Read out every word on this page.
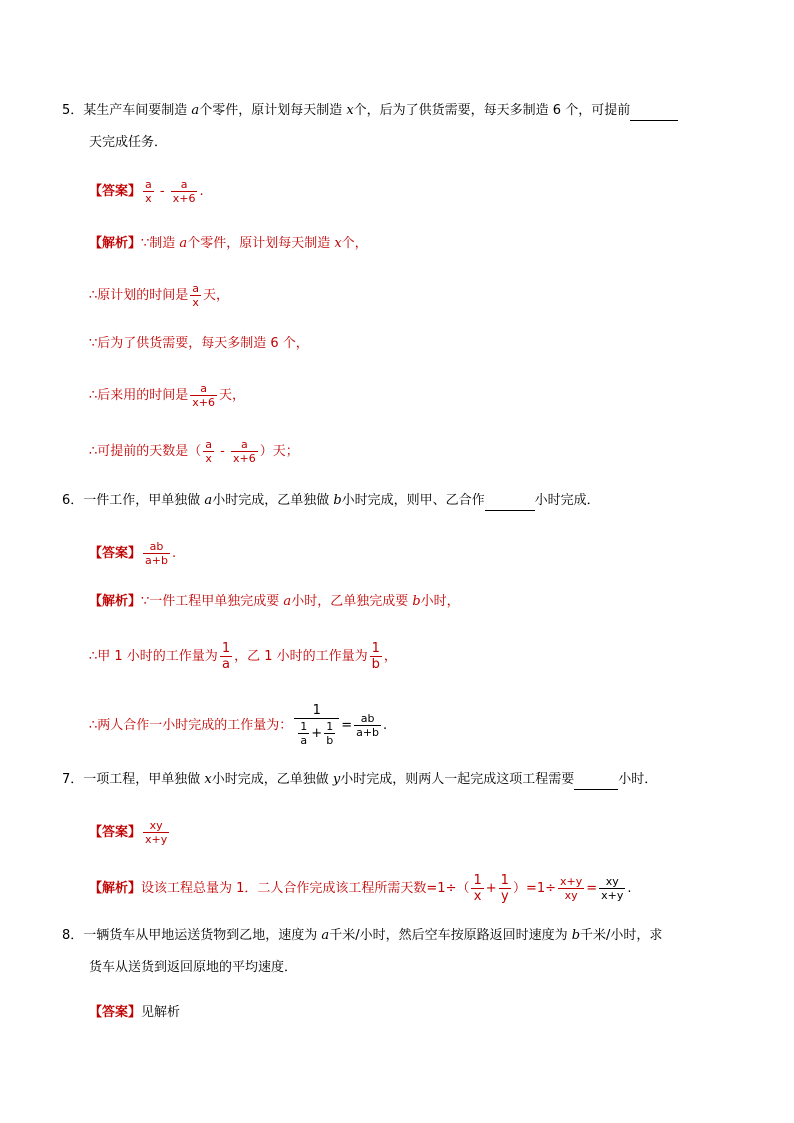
5．某生产车间要制造 a个零件，原计划每天制造 x个，后为了供货需要，每天多制造 6 个，可提前
天完成任务．
【答案】 $\frac{a}{x} - \frac{a}{x+6}$ .
【解析】∵制造 a个零件，原计划每天制造 x个，
∴原计划的时间是 $\frac{a}{x}$ 天，
∵后为了供货需要，每天多制造 6 个，
∴后来用的时间是 $\frac{a}{x+6}$ 天，
∴可提前的天数是（ $\frac{a}{x} - \frac{a}{x+6}$ ）天；
6．一件工作，甲单独做 a小时完成，乙单独做 b小时完成，则甲、乙合作	小时完成．
【答案】 $\frac{ab}{a+b}$ .
【解析】∵一件工程甲单独完成要 a小时，乙单独完成要 b小时，
∴甲 1 小时的工作量为 $\frac{1}{a}$ ，乙 1 小时的工作量为 $\frac{1}{b}$ ，
∴两人合作一小时完成的工作量为： $\frac{1}{\frac{1}{a} + \frac{1}{b}} = \frac{ab}{a+b}$ .
7．一项工程，甲单独做 x小时完成，乙单独做 y小时完成，则两人一起完成这项工程需要	小时．
【答案】 $\frac{xy}{x+y}$
【解析】设该工程总量为 1．二人合作完成该工程所需天数$=1\div( \frac{1}{x} + \frac{1}{y} )=1\div \frac{x+y}{xy} = \frac{xy}{x+y}$ .
8．一辆货车从甲地运送货物到乙地，速度为 a千米/小时，然后空车按原路返回时速度为 b千米/小时，求
货车从送货到返回原地的平均速度．
【答案】见解析
